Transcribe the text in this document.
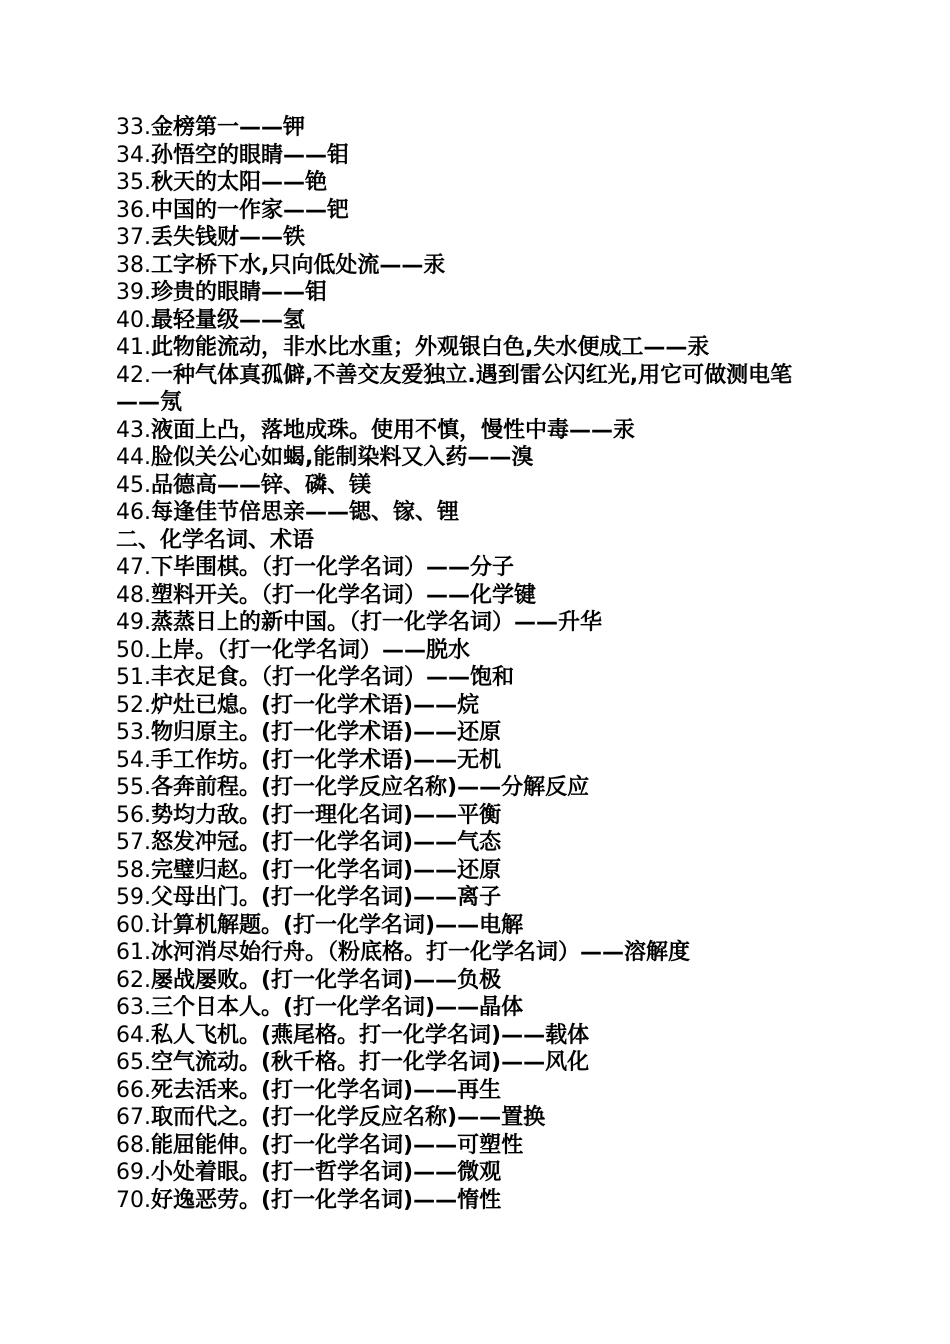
33.金榜第一——钾
34.孙悟空的眼睛——钼
35.秋天的太阳——铯
36.中国的一作家——钯
37.丢失钱财——铁
38.工字桥下水,只向低处流——汞
39.珍贵的眼睛——钼
40.最轻量级——氢
41.此物能流动，非水比水重；外观银白色,失水便成工——汞
42.一种气体真孤僻,不善交友爱独立.遇到雷公闪红光,用它可做测电笔——氖
43.液面上凸，落地成珠。使用不慎，慢性中毒——汞
44.脸似关公心如蝎,能制染料又入药——溴
45.品德高——锌、磷、镁
46.每逢佳节倍思亲——锶、镓、锂
二、化学名词、术语
47.下毕围棋。（打一化学名词）——分子
48.塑料开关。（打一化学名词）——化学键
49.蒸蒸日上的新中国。（打一化学名词）——升华
50.上岸。（打一化学名词）——脱水
51.丰衣足食。（打一化学名词）——饱和
52.炉灶已熄。(打一化学术语)——烷
53.物归原主。(打一化学术语)——还原
54.手工作坊。(打一化学术语)——无机
55.各奔前程。(打一化学反应名称)——分解反应
56.势均力敌。(打一理化名词)——平衡
57.怒发冲冠。(打一化学名词)——气态
58.完璧归赵。(打一化学名词)——还原
59.父母出门。(打一化学名词)——离子
60.计算机解题。(打一化学名词)——电解
61.冰河消尽始行舟。（粉底格。打一化学名词）——溶解度
62.屡战屡败。(打一化学名词)——负极
63.三个日本人。(打一化学名词)——晶体
64.私人飞机。(燕尾格。打一化学名词)——载体
65.空气流动。(秋千格。打一化学名词)——风化
66.死去活来。(打一化学名词)——再生
67.取而代之。(打一化学反应名称)——置换
68.能屈能伸。(打一化学名词)——可塑性
69.小处着眼。(打一哲学名词)——微观
70.好逸恶劳。(打一化学名词)——惰性
